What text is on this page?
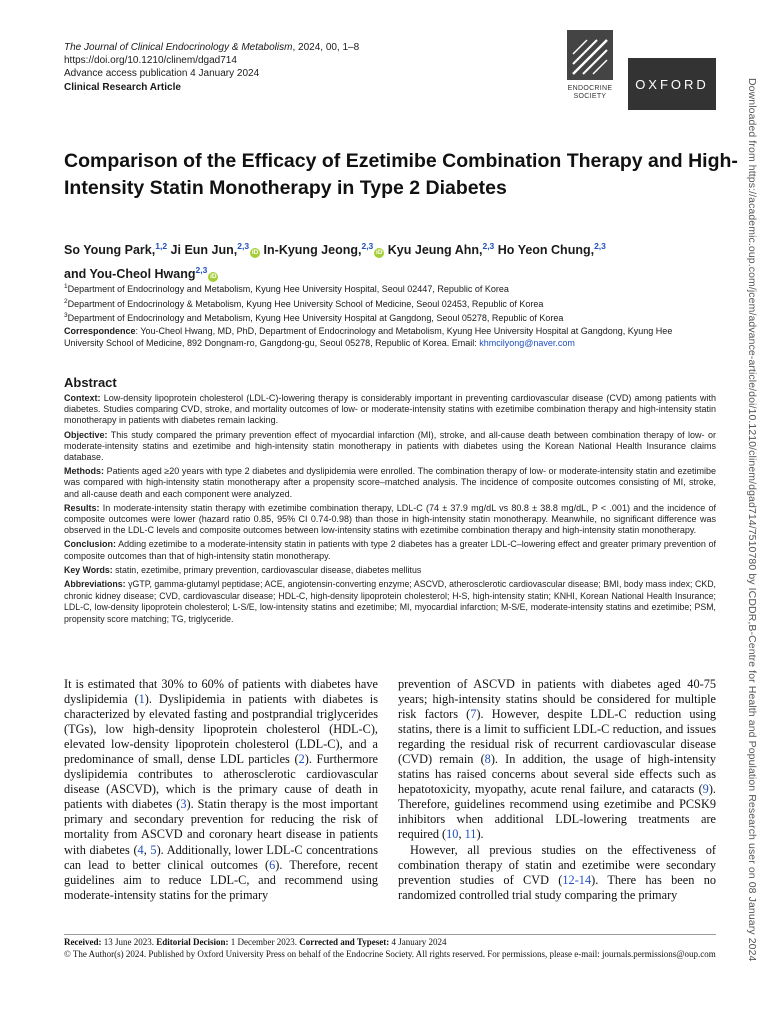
The Journal of Clinical Endocrinology & Metabolism, 2024, 00, 1–8
https://doi.org/10.1210/clinem/dgad714
Advance access publication 4 January 2024
Clinical Research Article	ENDOCRINE
SOCIETY
OXFORD	Downloaded from https://academic.oup.com/jcem/advance-article/doi/10.1210/clinem/dgad714/7510780 by ICDDR,B-Centre for Health and Population Research user on 08 January 2024
Comparison of the Efficacy of Ezetimibe Combination Therapy and High-Intensity Statin Monotherapy in Type 2 Diabetes
So Young Park,$^{1,2}$ Ji Eun Jun,$^{2,3}$iD In-Kyung Jeong,$^{2,3}$iD Kyu Jeung Ahn,$^{2,3}$ Ho Yeon Chung,$^{2,3}$
and You-Cheol Hwang$^{2,3}$iD
$^1$Department of Endocrinology and Metabolism, Kyung Hee University Hospital, Seoul 02447, Republic of Korea
$^2$Department of Endocrinology & Metabolism, Kyung Hee University School of Medicine, Seoul 02453, Republic of Korea
$^3$Department of Endocrinology and Metabolism, Kyung Hee University Hospital at Gangdong, Seoul 05278, Republic of Korea
Correspondence: You-Cheol Hwang, MD, PhD, Department of Endocrinology and Metabolism, Kyung Hee University Hospital at Gangdong, Kyung Hee University School of Medicine, 892 Dongnam-ro, Gangdong-gu, Seoul 05278, Republic of Korea. Email: khmcilyong@naver.com
Abstract

Context: Low-density lipoprotein cholesterol (LDL-C)-lowering therapy is considerably important in preventing cardiovascular disease (CVD) among patients with diabetes. Studies comparing CVD, stroke, and mortality outcomes of low- or moderate-intensity statins with ezetimibe combination therapy and high-intensity statin monotherapy in patients with diabetes remain lacking.

Objective: This study compared the primary prevention effect of myocardial infarction (MI), stroke, and all-cause death between combination therapy of low- or moderate-intensity statins and ezetimibe and high-intensity statin monotherapy in patients with diabetes using the Korean National Health Insurance claims database.

Methods: Patients aged ≥20 years with type 2 diabetes and dyslipidemia were enrolled. The combination therapy of low- or moderate-intensity statin and ezetimibe was compared with high-intensity statin monotherapy after a propensity score–matched analysis. The incidence of composite outcomes consisting of MI, stroke, and all-cause death and each component were analyzed.

Results: In moderate-intensity statin therapy with ezetimibe combination therapy, LDL-C (74 ± 37.9 mg/dL vs 80.8 ± 38.8 mg/dL, P < .001) and the incidence of composite outcomes were lower (hazard ratio 0.85, 95% CI 0.74-0.98) than those in high-intensity statin monotherapy. Meanwhile, no significant difference was observed in the LDL-C levels and composite outcomes between low-intensity statins with ezetimibe combination therapy and high-intensity statin monotherapy.

Conclusion: Adding ezetimibe to a moderate-intensity statin in patients with type 2 diabetes has a greater LDL-C–lowering effect and greater primary prevention of composite outcomes than that of high-intensity statin monotherapy.

Key Words: statin, ezetimibe, primary prevention, cardiovascular disease, diabetes mellitus

Abbreviations: γGTP, gamma-glutamyl peptidase; ACE, angiotensin-converting enzyme; ASCVD, atherosclerotic cardiovascular disease; BMI, body mass index; CKD, chronic kidney disease; CVD, cardiovascular disease; HDL-C, high-density lipoprotein cholesterol; H-S, high-intensity statin; KNHI, Korean National Health Insurance; LDL-C, low-density lipoprotein cholesterol; L-S/E, low-intensity statins and ezetimibe; MI, myocardial infarction; M-S/E, moderate-intensity statins and ezetimibe; PSM, propensity score matching; TG, triglyceride.

It is estimated that 30% to 60% of patients with diabetes have dyslipidemia (1). Dyslipidemia in patients with diabetes is characterized by elevated fasting and postprandial triglycerides (TGs), low high-density lipoprotein cholesterol (HDL-C), elevated low-density lipoprotein cholesterol (LDL-C), and a predominance of small, dense LDL particles (2). Furthermore dyslipidemia contributes to atherosclerotic cardiovascular disease (ASCVD), which is the primary cause of death in patients with diabetes (3). Statin therapy is the most important primary and secondary prevention for reducing the risk of mortality from ASCVD and coronary heart disease in patients with diabetes (4, 5). Additionally, lower LDL-C concentrations can lead to better clinical outcomes (6). Therefore, recent guidelines aim to reduce LDL-C, and recommend using moderate-intensity statins for the primary

prevention of ASCVD in patients with diabetes aged 40-75 years; high-intensity statins should be considered for multiple risk factors (7). However, despite LDL-C reduction using statins, there is a limit to sufficient LDL-C reduction, and issues regarding the residual risk of recurrent cardiovascular disease (CVD) remain (8). In addition, the usage of high-intensity statins has raised concerns about several side effects such as hepatotoxicity, myopathy, acute renal failure, and cataracts (9). Therefore, guidelines recommend using ezetimibe and PCSK9 inhibitors when additional LDL-lowering treatments are required (10, 11).

However, all previous studies on the effectiveness of combination therapy of statin and ezetimibe were secondary prevention studies of CVD (12-14). There has been no randomized controlled trial study comparing the primary

Received: 13 June 2023. Editorial Decision: 1 December 2023. Corrected and Typeset: 4 January 2024
© The Author(s) 2024. Published by Oxford University Press on behalf of the Endocrine Society. All rights reserved. For permissions, please e-mail: journals.permissions@oup.com
